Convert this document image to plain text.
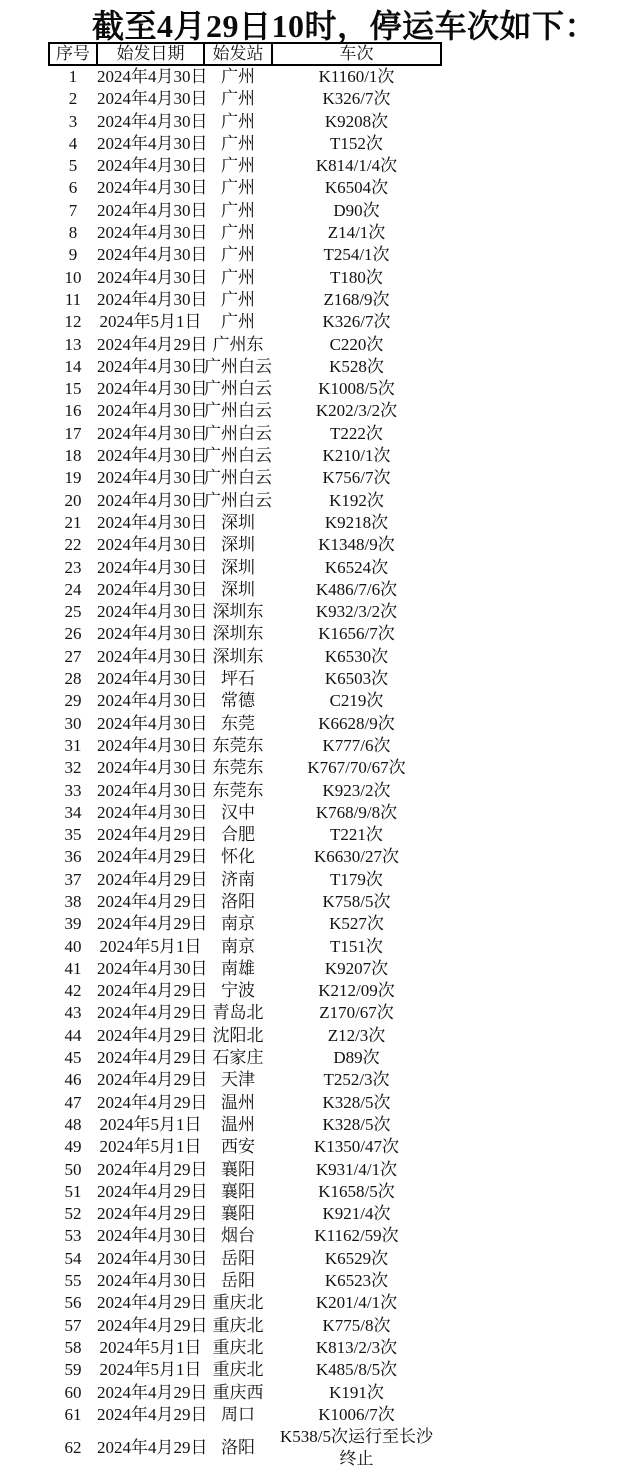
截至4月29日10时，停运车次如下：
序号	始发日期	始发站	车次
1	2024年4月30日	广州	K1160/1次
2	2024年4月30日	广州	K326/7次
3	2024年4月30日	广州	K9208次
4	2024年4月30日	广州	T152次
5	2024年4月30日	广州	K814/1/4次
6	2024年4月30日	广州	K6504次
7	2024年4月30日	广州	D90次
8	2024年4月30日	广州	Z14/1次
9	2024年4月30日	广州	T254/1次
10	2024年4月30日	广州	T180次
11	2024年4月30日	广州	Z168/9次
12	2024年5月1日	广州	K326/7次
13	2024年4月29日	广州东	C220次
14	2024年4月30日	广州白云	K528次
15	2024年4月30日	广州白云	K1008/5次
16	2024年4月30日	广州白云	K202/3/2次
17	2024年4月30日	广州白云	T222次
18	2024年4月30日	广州白云	K210/1次
19	2024年4月30日	广州白云	K756/7次
20	2024年4月30日	广州白云	K192次
21	2024年4月30日	深圳	K9218次
22	2024年4月30日	深圳	K1348/9次
23	2024年4月30日	深圳	K6524次
24	2024年4月30日	深圳	K486/7/6次
25	2024年4月30日	深圳东	K932/3/2次
26	2024年4月30日	深圳东	K1656/7次
27	2024年4月30日	深圳东	K6530次
28	2024年4月30日	坪石	K6503次
29	2024年4月30日	常德	C219次
30	2024年4月30日	东莞	K6628/9次
31	2024年4月30日	东莞东	K777/6次
32	2024年4月30日	东莞东	K767/70/67次
33	2024年4月30日	东莞东	K923/2次
34	2024年4月30日	汉中	K768/9/8次
35	2024年4月29日	合肥	T221次
36	2024年4月29日	怀化	K6630/27次
37	2024年4月29日	济南	T179次
38	2024年4月29日	洛阳	K758/5次
39	2024年4月29日	南京	K527次
40	2024年5月1日	南京	T151次
41	2024年4月30日	南雄	K9207次
42	2024年4月29日	宁波	K212/09次
43	2024年4月29日	青岛北	Z170/67次
44	2024年4月29日	沈阳北	Z12/3次
45	2024年4月29日	石家庄	D89次
46	2024年4月29日	天津	T252/3次
47	2024年4月29日	温州	K328/5次
48	2024年5月1日	温州	K328/5次
49	2024年5月1日	西安	K1350/47次
50	2024年4月29日	襄阳	K931/4/1次
51	2024年4月29日	襄阳	K1658/5次
52	2024年4月29日	襄阳	K921/4次
53	2024年4月30日	烟台	K1162/59次
54	2024年4月30日	岳阳	K6529次
55	2024年4月30日	岳阳	K6523次
56	2024年4月29日	重庆北	K201/4/1次
57	2024年4月29日	重庆北	K775/8次
58	2024年5月1日	重庆北	K813/2/3次
59	2024年5月1日	重庆北	K485/8/5次
60	2024年4月29日	重庆西	K191次
61	2024年4月29日	周口	K1006/7次
62	2024年4月29日	洛阳	K538/5次运行至长沙终止
